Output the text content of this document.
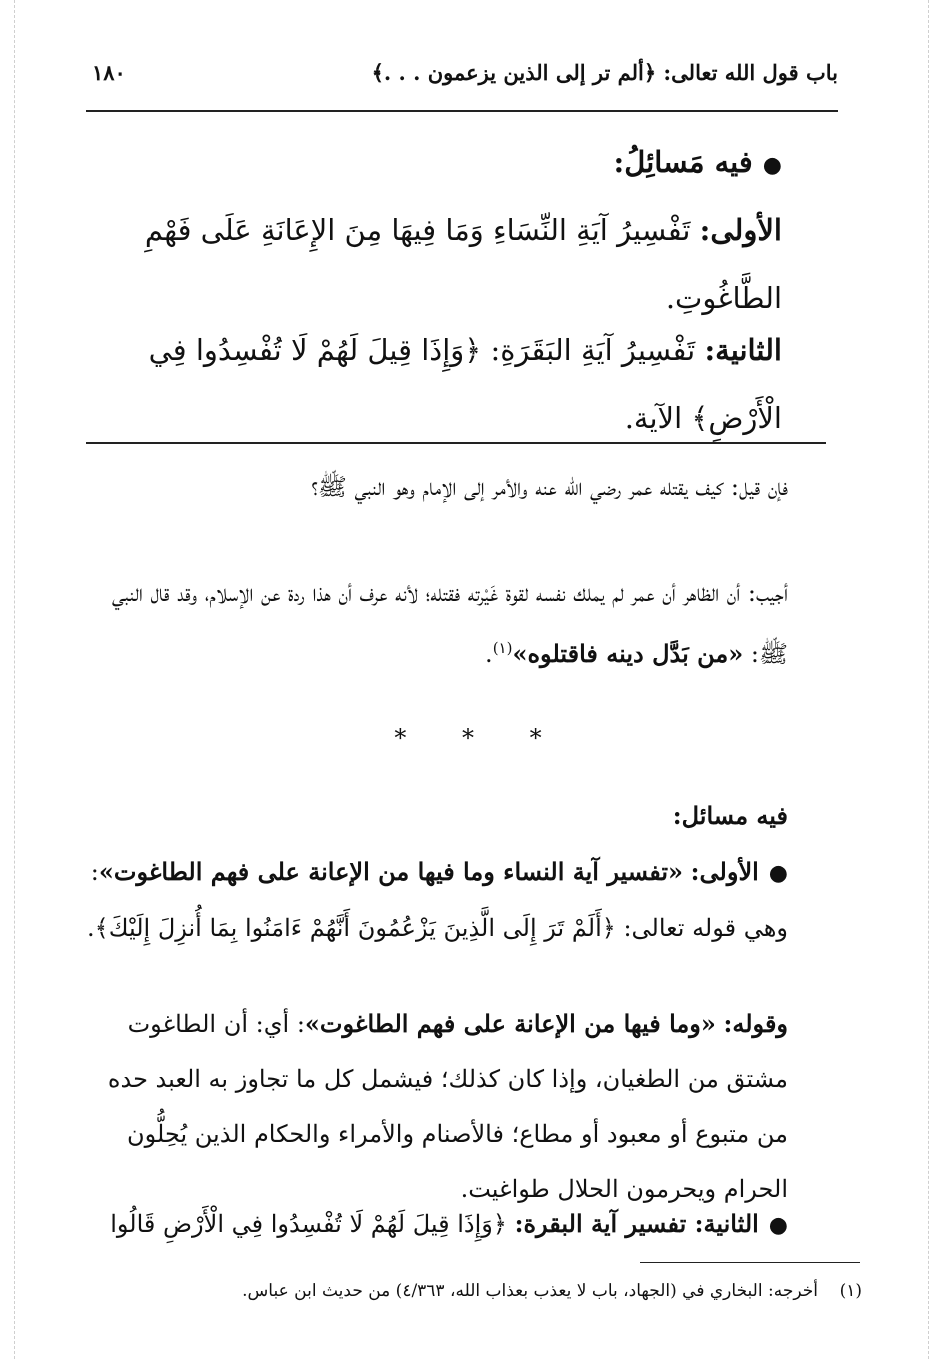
باب قول الله تعالى: ﴿ألم تر إلى الذين يزعمون . . .﴾
١٨٠
●فيه مَسائِلُ:
الأولى: تَفْسِيرُ آيَةِ النِّسَاءِ وَمَا فِيهَا مِنَ الإِعَانَةِ عَلَى فَهْمِ الطَّاغُوتِ.
الثانية: تَفْسِيرُ آيَةِ البَقَرَةِ: ﴿وَإِذَا قِيلَ لَهُمْ لَا تُفْسِدُوا فِي الْأَرْضِ﴾ الآية.
فإن قيل: كيف يقتله عمر رضي الله عنه والأمر إلى الإمام وهو النبي ﷺ؟
أجيب: أن الظاهر أن عمر لم يملك نفسه لقوة غَيْرته فقتله؛ لأنه عرف أن هذا ردة عن الإسلام، وقد قال النبي ﷺ: «من بَدَّل دينه فاقتلوه»$^{(١)}$.
* * *
فيه مسائل:
●الأولى: «تفسير آية النساء وما فيها من الإعانة على فهم الطاغوت»: وهي قوله تعالى: ﴿أَلَمْ تَرَ إِلَى الَّذِينَ يَزْعُمُونَ أَنَّهُمْ ءَامَنُوا بِمَا أُنزِلَ إِلَيْكَ﴾.
وقوله: «وما فيها من الإعانة على فهم الطاغوت»: أي: أن الطاغوت مشتق من الطغيان، وإذا كان كذلك؛ فيشمل كل ما تجاوز به العبد حده من متبوع أو معبود أو مطاع؛ فالأصنام والأمراء والحكام الذين يُحِلُّون الحرام ويحرمون الحلال طواغيت.
●الثانية: تفسير آية البقرة: ﴿وَإِذَا قِيلَ لَهُمْ لَا تُفْسِدُوا فِي الْأَرْضِ قَالُوا
(١)    أخرجه: البخاري في (الجهاد، باب لا يعذب بعذاب الله، ٤/٣٦٣) من حديث ابن عباس.
